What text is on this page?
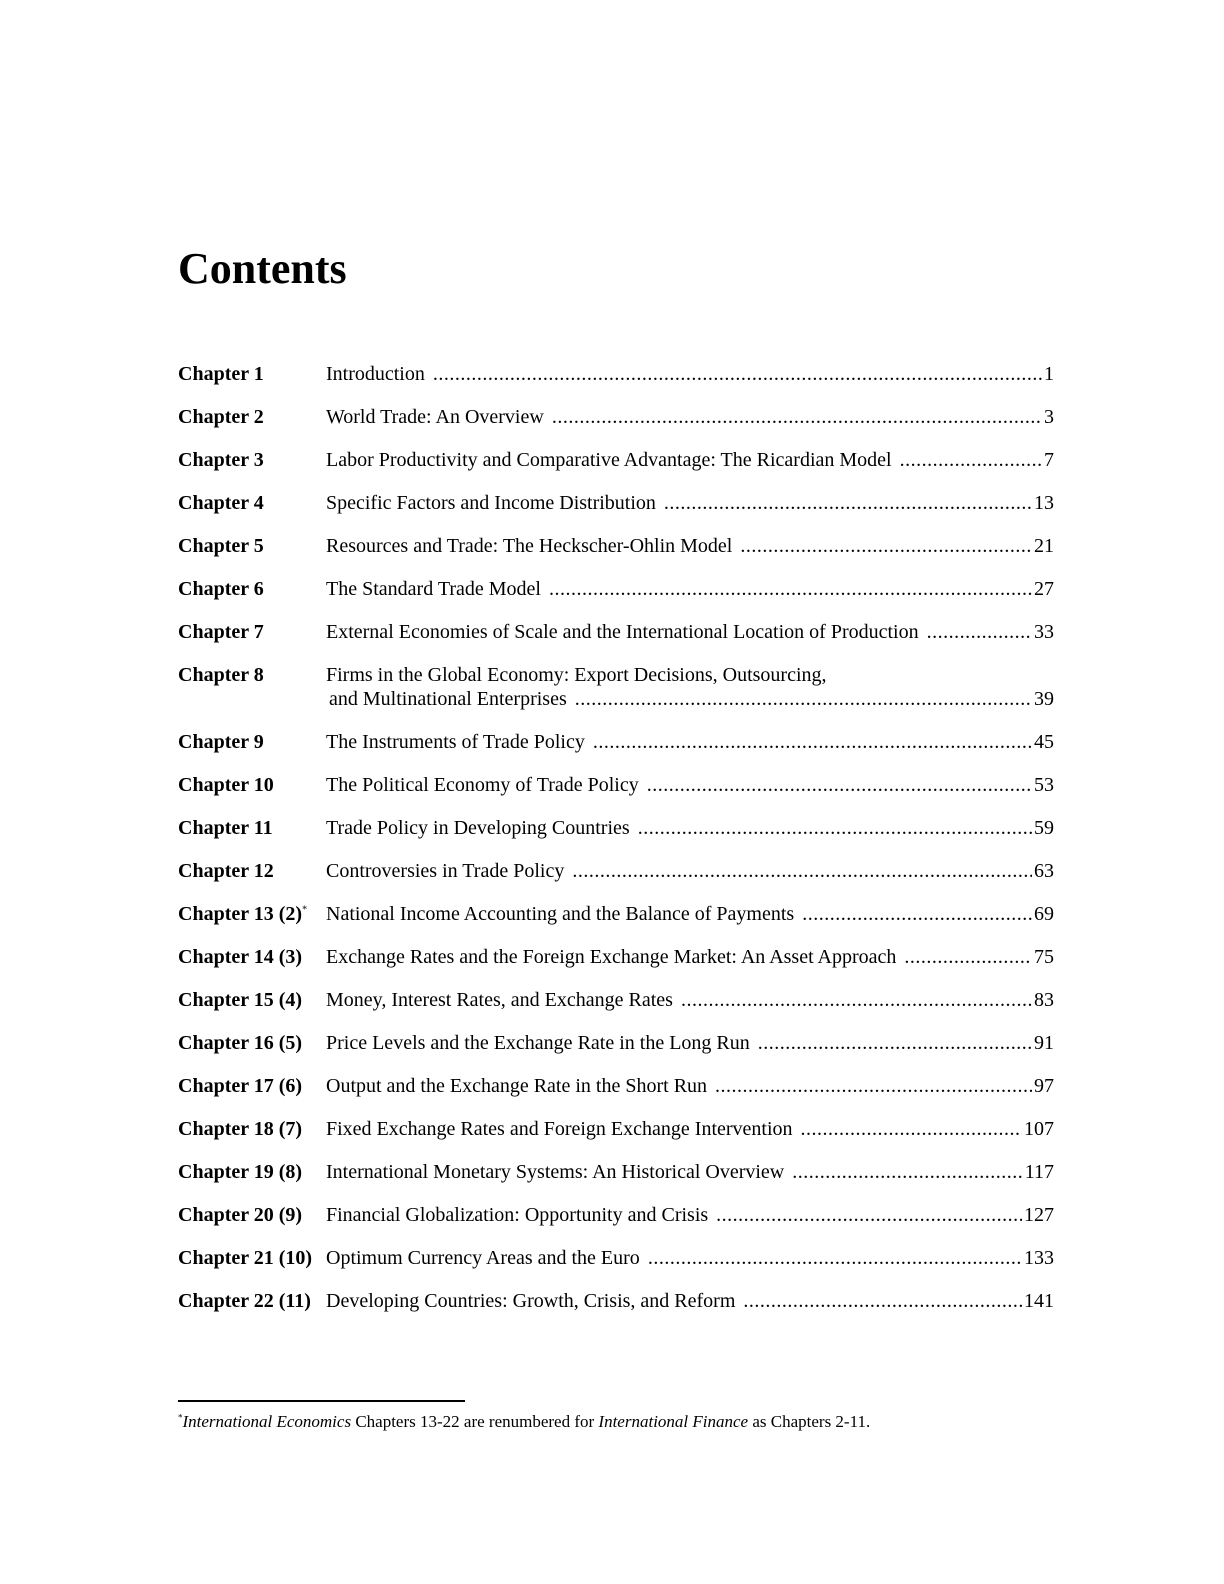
Contents
Chapter 1	Introduction .....	1
Chapter 2	World Trade: An Overview .....	3
Chapter 3	Labor Productivity and Comparative Advantage: The Ricardian Model .....	7
Chapter 4	Specific Factors and Income Distribution .....	13
Chapter 5	Resources and Trade: The Heckscher-Ohlin Model .....	21
Chapter 6	The Standard Trade Model .....	27
Chapter 7	External Economies of Scale and the International Location of Production .....	33
Chapter 8	Firms in the Global Economy: Export Decisions, Outsourcing,
and Multinational Enterprises .....	39
Chapter 9	The Instruments of Trade Policy .....	45
Chapter 10	The Political Economy of Trade Policy .....	53
Chapter 11	Trade Policy in Developing Countries .....	59
Chapter 12	Controversies in Trade Policy .....	63
Chapter 13 (2)* National Income Accounting and the Balance of Payments .....	69
Chapter 14 (3)	Exchange Rates and the Foreign Exchange Market: An Asset Approach .....	75
Chapter 15 (4)	Money, Interest Rates, and Exchange Rates .....	83
Chapter 16 (5)	Price Levels and the Exchange Rate in the Long Run .....	91
Chapter 17 (6)	Output and the Exchange Rate in the Short Run .....	97
Chapter 18 (7)	Fixed Exchange Rates and Foreign Exchange Intervention .....	107
Chapter 19 (8)	International Monetary Systems: An Historical Overview .....	117
Chapter 20 (9)	Financial Globalization: Opportunity and Crisis .....	127
Chapter 21 (10) Optimum Currency Areas and the Euro .....	133
Chapter 22 (11) Developing Countries: Growth, Crisis, and Reform .....	141
*International Economics Chapters 13-22 are renumbered for International Finance as Chapters 2-11.
